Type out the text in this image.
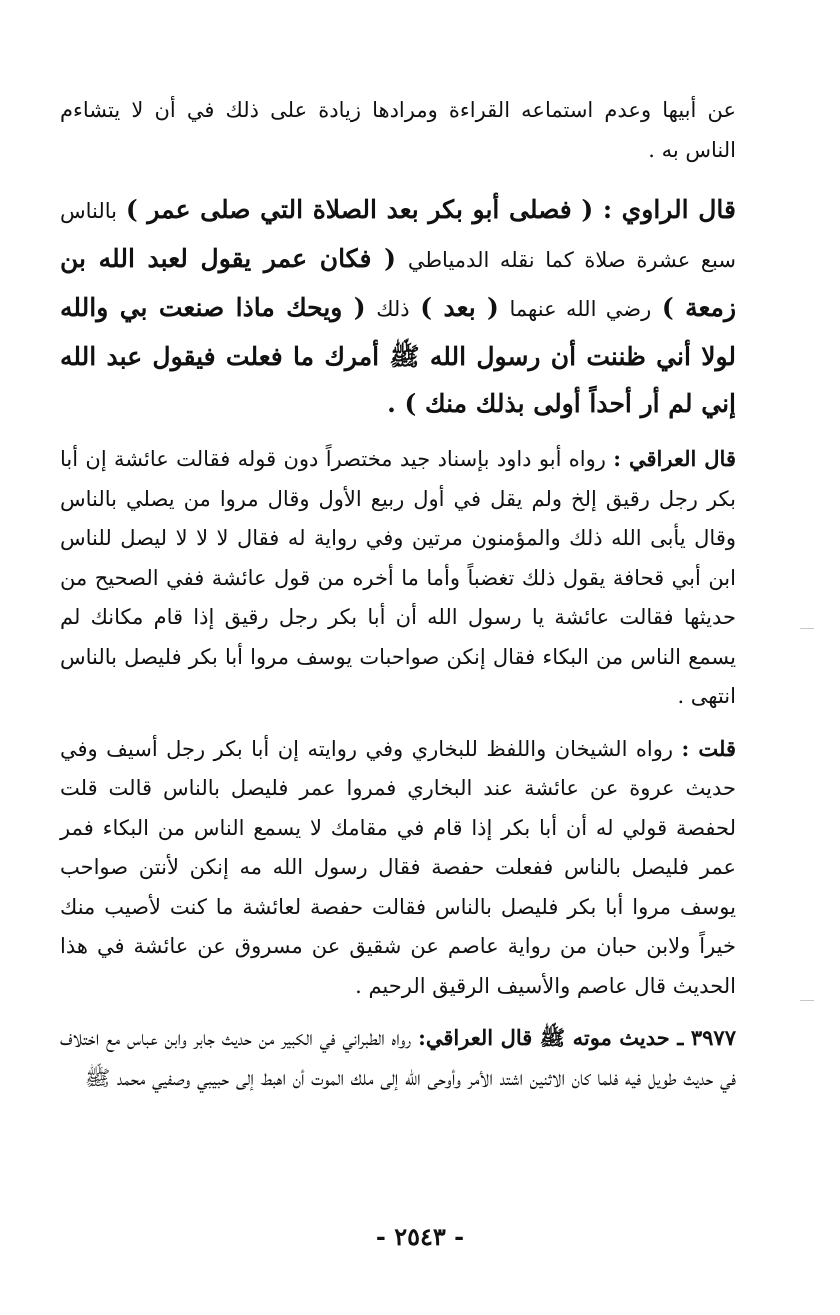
عن أبيها وعدم استماعه القراءة ومرادها زيادة على ذلك في أن لا يتشاءم الناس به .

قال الراوي : ( فصلى أبو بكر بعد الصلاة التي صلى عمر ) بالناس سبع عشرة صلاة كما نقله الدمياطي ( فكان عمر يقول لعبد الله بن زمعة ) رضي الله عنهما ( بعد ) ذلك ( ويحك ماذا صنعت بي والله لولا أني ظننت أن رسول الله ﷺ أمرك ما فعلت فيقول عبد الله إني لم أر أحداً أولى بذلك منك ) .

قال العراقي : رواه أبو داود بإسناد جيد مختصراً دون قوله فقالت عائشة إن أبا بكر رجل رقيق إلخ ولم يقل في أول ربيع الأول وقال مروا من يصلي بالناس وقال يأبى الله ذلك والمؤمنون مرتين وفي رواية له فقال لا لا لا ليصل للناس ابن أبي قحافة يقول ذلك تغضباً وأما ما أخره من قول عائشة ففي الصحيح من حديثها فقالت عائشة يا رسول الله أن أبا بكر رجل رقيق إذا قام مكانك لم يسمع الناس من البكاء فقال إنكن صواحبات يوسف مروا أبا بكر فليصل بالناس انتهى .

قلت : رواه الشيخان واللفظ للبخاري وفي روايته إن أبا بكر رجل أسيف وفي حديث عروة عن عائشة عند البخاري فمروا عمر فليصل بالناس قالت قلت لحفصة قولي له أن أبا بكر إذا قام في مقامك لا يسمع الناس من البكاء فمر عمر فليصل بالناس ففعلت حفصة فقال رسول الله مه إنكن لأنتن صواحب يوسف مروا أبا بكر فليصل بالناس فقالت حفصة لعائشة ما كنت لأصيب منك خيراً ولابن حبان من رواية عاصم عن شقيق عن مسروق عن عائشة في هذا الحديث قال عاصم والأسيف الرقيق الرحيم .

٣٩٧٧ ـ حديث موته ﷺ قال العراقي: رواه الطبراني في الكبير من حديث جابر وابن عباس مع اختلاف في حديث طويل فيه فلما كان الاثنين اشتد الأمر وأوحى الله إلى ملك الموت أن اهبط إلى حبيبي وصفيي محمد ﷺ

- ٢٥٤٣ -
